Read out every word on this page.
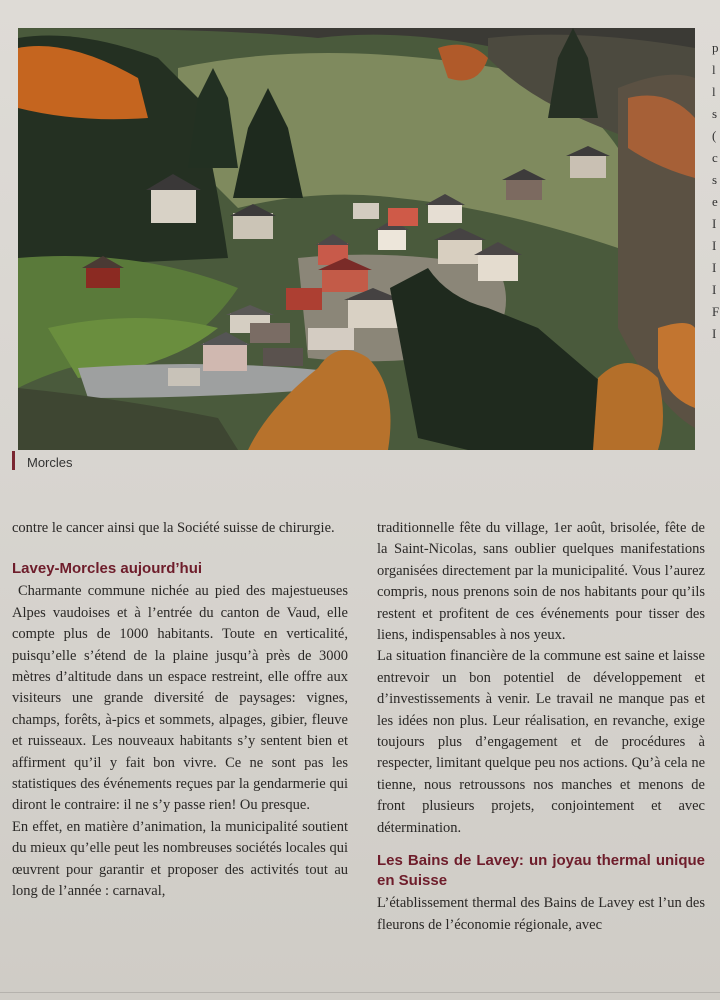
Morcles
p
l
l
s
(
c
s
e
I
I
I
I
F
I

contre le cancer ainsi que la Société suisse de chirurgie.

Lavey-Morcles aujourd’hui

Charmante commune nichée au pied des majestueuses Alpes vaudoises et à l’entrée du canton de Vaud, elle compte plus de 1000 habitants. Toute en verticalité, puisqu’elle s’étend de la plaine jusqu’à près de 3000 mètres d’altitude dans un espace restreint, elle offre aux visiteurs une grande diversité de paysages: vignes, champs, forêts, à-pics et sommets, alpages, gibier, fleuve et ruisseaux. Les nouveaux habitants s’y sentent bien et affirment qu’il y fait bon vivre. Ce ne sont pas les statistiques des événements reçues par la gendarmerie qui diront le contraire: il ne s’y passe rien! Ou presque.

En effet, en matière d’animation, la municipalité soutient du mieux qu’elle peut les nombreuses sociétés locales qui œuvrent pour garantir et proposer des activités tout au long de l’année : carnaval,

traditionnelle fête du village, 1er août, brisolée, fête de la Saint-Nicolas, sans oublier quelques manifestations organisées directement par la municipalité. Vous l’aurez compris, nous prenons soin de nos habitants pour qu’ils restent et profitent de ces événements pour tisser des liens, indispensables à nos yeux.

La situation financière de la commune est saine et laisse entrevoir un bon potentiel de développement et d’investissements à venir. Le travail ne manque pas et les idées non plus. Leur réalisation, en revanche, exige toujours plus d’engagement et de procédures à respecter, limitant quelque peu nos actions. Qu’à cela ne tienne, nous retroussons nos manches et menons de front plusieurs projets, conjointement et avec détermination.

Les Bains de Lavey: un joyau thermal unique en Suisse

L’établissement thermal des Bains de Lavey est l’un des fleurons de l’économie régionale, avec
